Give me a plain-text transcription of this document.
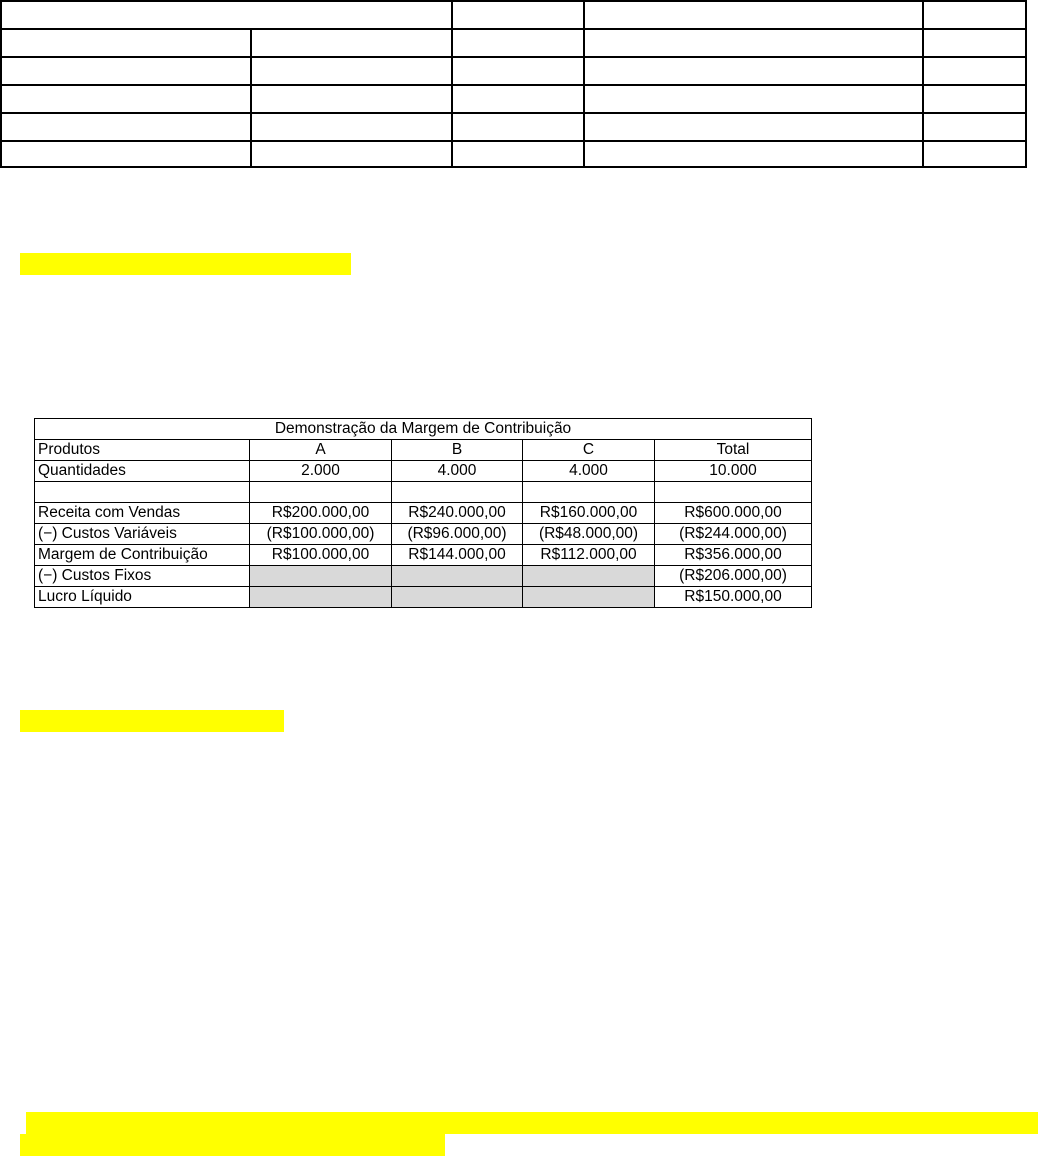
Demonstração da Margem de Contribuição				
Produtos	A	B	C	Total
Quantidades	2.000	4.000	4.000	10.000

Receita com Vendas	R$200.000,00	R$240.000,00	R$160.000,00	R$600.000,00
(−) Custos Variáveis	(R$100.000,00)	(R$96.000,00)	(R$48.000,00)	(R$244.000,00)
Margem de Contribuição	R$100.000,00	R$144.000,00	R$112.000,00	R$356.000,00
(−) Custos Fixos				(R$206.000,00)
Lucro Líquido				R$150.000,00
